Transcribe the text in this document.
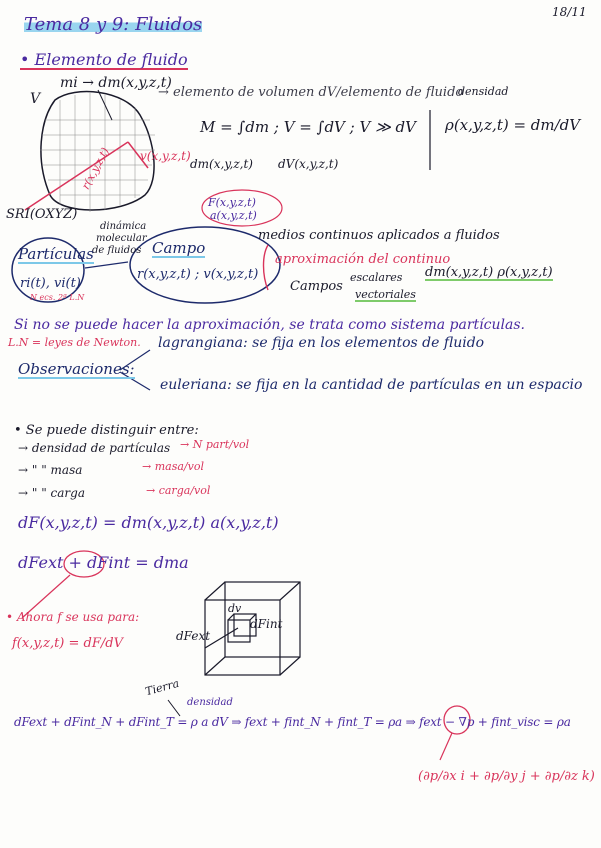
18/11
Tema 8 y 9: Fluidos
• Elemento de fluido
V
mi → dm(x,y,z,t)
→ elemento de volumen dV/elemento de fluido
densidad
M = ∫dm ; V = ∫dV ; V ≫ dV
dm(x,y,z,t) dV(x,y,z,t)
ρ(x,y,z,t) = dm/dV
v(x,y,z,t)
r(x,y,z,t)
SRI(OXYZ)
dinámica
molecular
de fluidos
Partículas
ri(t), vi(t)
N ecs. 2ª L.N
Campo
r(x,y,z,t) ; v(x,y,z,t)
F(x,y,z,t)
a(x,y,z,t)
medios continuos aplicados a fluidos
aproximación del continuo
Campos
escalares
vectoriales
dm(x,y,z,t) ρ(x,y,z,t)
Si no se puede hacer la aproximación, se trata como sistema partículas.
L.N = leyes de Newton.
Observaciones:
lagrangiana: se fija en los elementos de fluido
euleriana: se fija en la cantidad de partículas en un espacio
• Se puede distinguir entre:
→ densidad de partículas → N part/vol
→ " " masa	→ masa/vol
→ " " carga	→ carga/vol
dF(x,y,z,t) = dm(x,y,z,t) a(x,y,z,t)
dFext + dFint = dma
• Ahora f se usa para:
f(x,y,z,t) = dF/dV
dv
dFext
dFint
Tierra
densidad
dFext + dFint_N + dFint_T = ρ a dV ⇒ fext + fint_N + fint_T = ρa ⇒ fext − ∇p + fint_visc = ρa
(∂p/∂x i + ∂p/∂y j + ∂p/∂z k)
